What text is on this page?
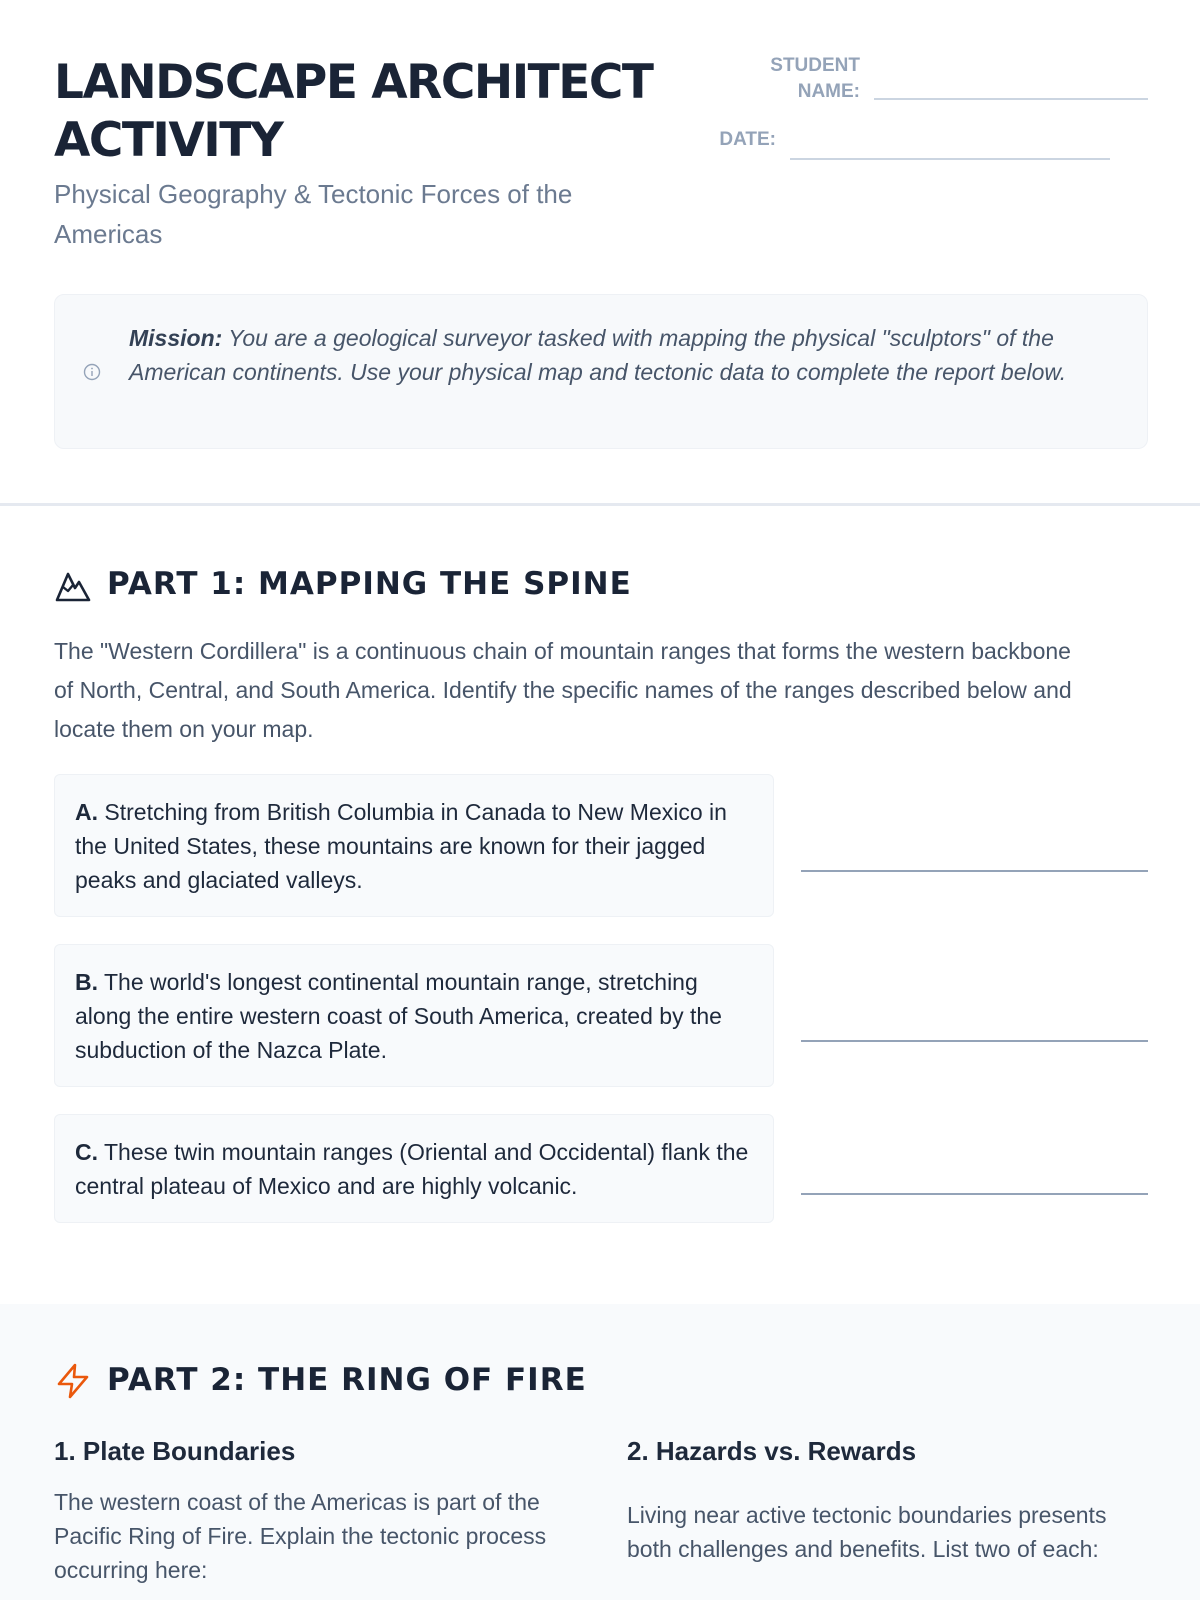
LANDSCAPE ARCHITECT ACTIVITY
Physical Geography & Tectonic Forces of the Americas
STUDENT
NAME:
DATE:

Mission: You are a geological surveyor tasked with mapping the physical "sculptors" of the American continents. Use your physical map and tectonic data to complete the report below.

PART 1: MAPPING THE SPINE

The "Western Cordillera" is a continuous chain of mountain ranges that forms the western backbone of North, Central, and South America. Identify the specific names of the ranges described below and locate them on your map.

A. Stretching from British Columbia in Canada to New Mexico in the United States, these mountains are known for their jagged peaks and glaciated valleys.
B. The world's longest continental mountain range, stretching along the entire western coast of South America, created by the subduction of the Nazca Plate.
C. These twin mountain ranges (Oriental and Occidental) flank the central plateau of Mexico and are highly volcanic.
PART 2: THE RING OF FIRE
1. Plate Boundaries

The western coast of the Americas is part of the Pacific Ring of Fire. Explain the tectonic process occurring here:

2. Hazards vs. Rewards

Living near active tectonic boundaries presents both challenges and benefits. List two of each:
